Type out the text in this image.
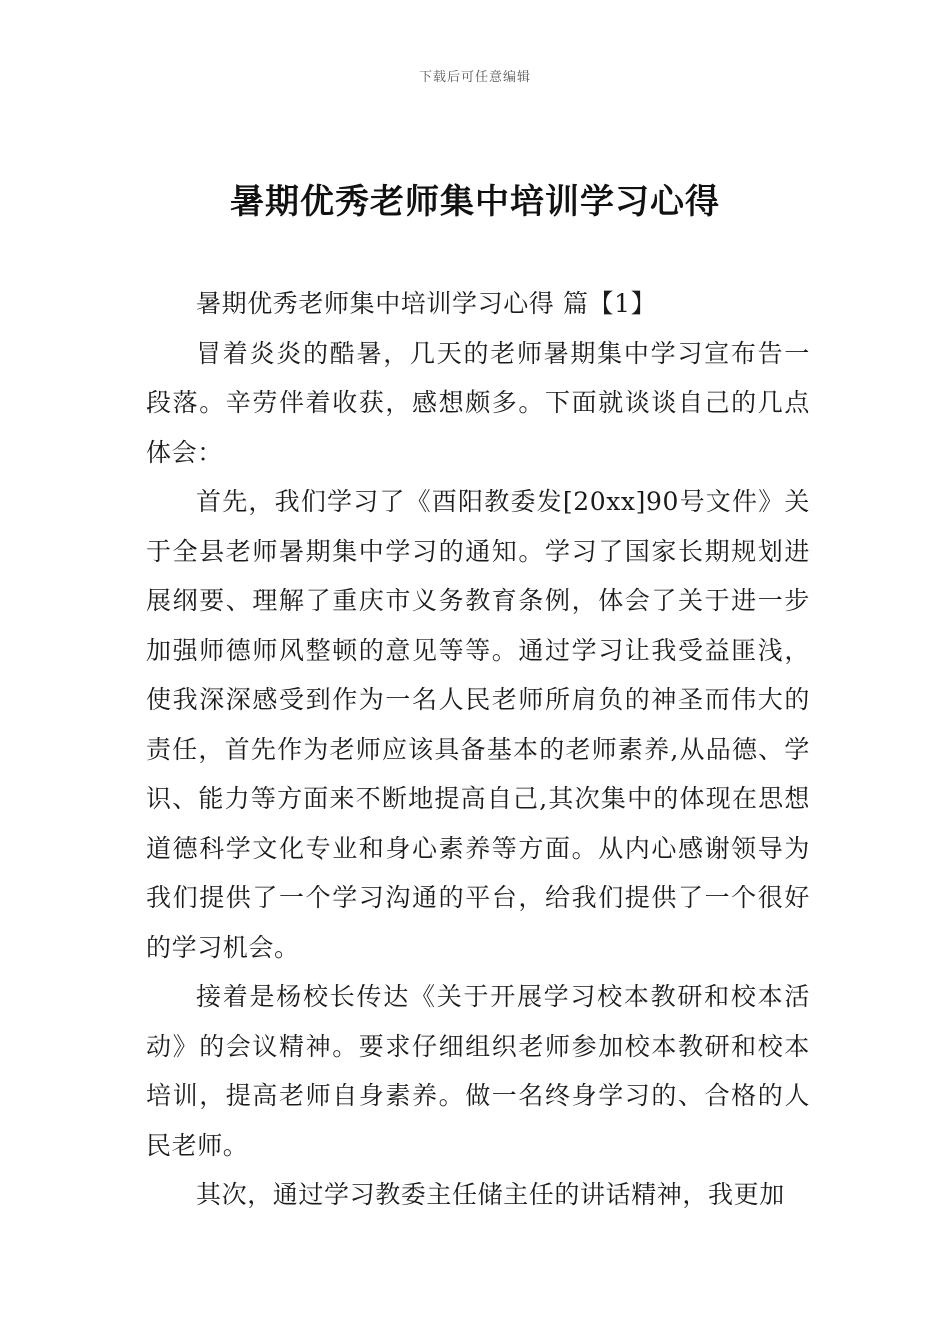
下载后可任意编辑
暑期优秀老师集中培训学习心得

暑期优秀老师集中培训学习心得 篇【1】

冒着炎炎的酷暑，几天的老师暑期集中学习宣布告一段落。辛劳伴着收获，感想颇多。下面就谈谈自己的几点体会：

首先，我们学习了《酉阳教委发[20xx]90号文件》关于全县老师暑期集中学习的通知。学习了国家长期规划进展纲要、理解了重庆市义务教育条例，体会了关于进一步加强师德师风整顿的意见等等。通过学习让我受益匪浅，使我深深感受到作为一名人民老师所肩负的神圣而伟大的责任，首先作为老师应该具备基本的老师素养,从品德、学识、能力等方面来不断地提高自己,其次集中的体现在思想道德科学文化专业和身心素养等方面。从内心感谢领导为我们提供了一个学习沟通的平台，给我们提供了一个很好的学习机会。

接着是杨校长传达《关于开展学习校本教研和校本活动》的会议精神。要求仔细组织老师参加校本教研和校本培训，提高老师自身素养。做一名终身学习的、合格的人民老师。

其次，通过学习教委主任储主任的讲话精神，我更加
